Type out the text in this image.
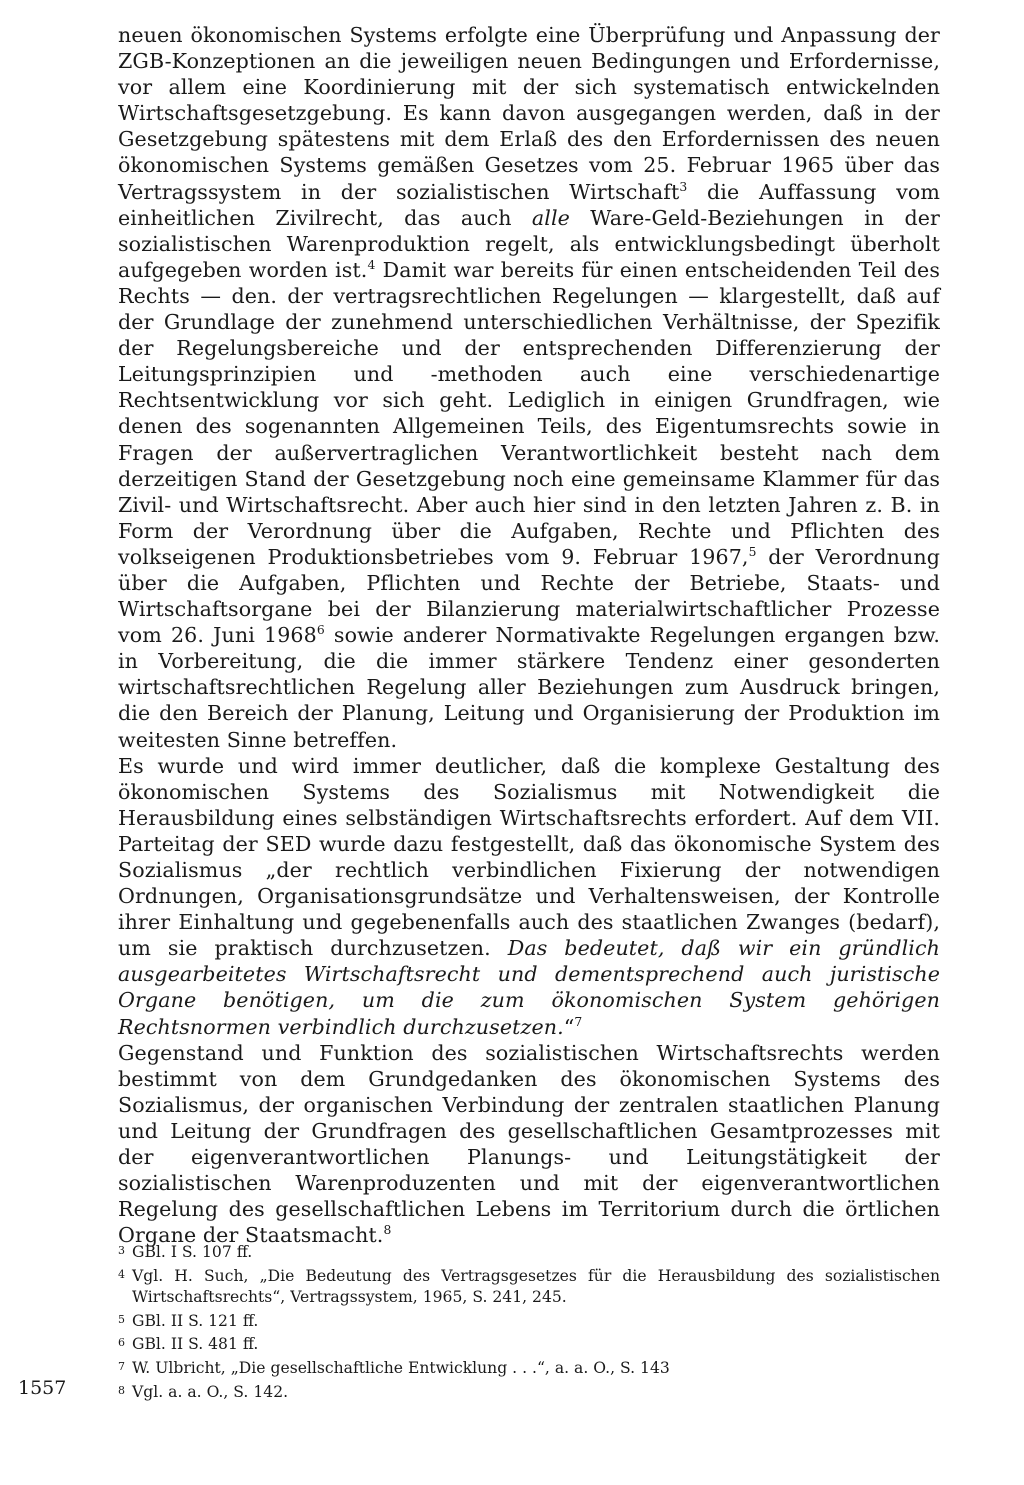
neuen ökonomischen Systems erfolgte eine Überprüfung und Anpassung der ZGB-Konzeptionen an die jeweiligen neuen Bedingungen und Erfordernisse, vor allem eine Koordinierung mit der sich systematisch entwickelnden Wirtschaftsgesetzgebung. Es kann davon ausgegangen werden, daß in der Gesetzgebung spätestens mit dem Erlaß des den Erfordernissen des neuen ökonomischen Systems gemäßen Gesetzes vom 25. Februar 1965 über das Vertragssystem in der sozialistischen Wirtschaft$^3$ die Auffassung vom einheitlichen Zivilrecht, das auch alle Ware-Geld-Beziehungen in der sozialistischen Warenproduktion regelt, als entwicklungsbedingt überholt aufgegeben worden ist.$^4$ Damit war bereits für einen entscheidenden Teil des Rechts — den. der vertragsrechtlichen Regelungen — klargestellt, daß auf der Grundlage der zunehmend unterschiedlichen Verhältnisse, der Spezifik der Regelungsbereiche und der entsprechenden Differenzierung der Leitungsprinzipien und -methoden auch eine verschiedenartige Rechtsentwicklung vor sich geht. Lediglich in einigen Grundfragen, wie denen des sogenannten Allgemeinen Teils, des Eigentumsrechts sowie in Fragen der außervertraglichen Verantwortlichkeit besteht nach dem derzeitigen Stand der Gesetzgebung noch eine gemeinsame Klammer für das Zivil- und Wirtschaftsrecht. Aber auch hier sind in den letzten Jahren z. B. in Form der Verordnung über die Aufgaben, Rechte und Pflichten des volkseigenen Produktionsbetriebes vom 9. Februar 1967,$^5$ der Verordnung über die Aufgaben, Pflichten und Rechte der Betriebe, Staats- und Wirtschaftsorgane bei der Bilanzierung materialwirtschaftlicher Prozesse vom 26. Juni 1968$^6$ sowie anderer Normativakte Regelungen ergangen bzw. in Vorbereitung, die die immer stärkere Tendenz einer gesonderten wirtschaftsrechtlichen Regelung aller Beziehungen zum Ausdruck bringen, die den Bereich der Planung, Leitung und Organisierung der Produktion im weitesten Sinne betreffen.

Es wurde und wird immer deutlicher, daß die komplexe Gestaltung des ökonomischen Systems des Sozialismus mit Notwendigkeit die Herausbildung eines selbständigen Wirtschaftsrechts erfordert. Auf dem VII. Parteitag der SED wurde dazu festgestellt, daß das ökonomische System des Sozialismus „der rechtlich verbindlichen Fixierung der notwendigen Ordnungen, Organisationsgrundsätze und Verhaltensweisen, der Kontrolle ihrer Einhaltung und gegebenenfalls auch des staatlichen Zwanges (bedarf), um sie praktisch durchzusetzen. Das bedeutet, daß wir ein gründlich ausgearbeitetes Wirtschaftsrecht und dementsprechend auch juristische Organe benötigen, um die zum ökonomischen System gehörigen Rechtsnormen verbindlich durchzusetzen.“$^7$

Gegenstand und Funktion des sozialistischen Wirtschaftsrechts werden bestimmt von dem Grundgedanken des ökonomischen Systems des Sozialismus, der organischen Verbindung der zentralen staatlichen Planung und Leitung der Grundfragen des gesellschaftlichen Gesamtprozesses mit der eigenverantwortlichen Planungs- und Leitungstätigkeit der sozialistischen Warenproduzenten und mit der eigenverantwortlichen Regelung des gesellschaftlichen Lebens im Territorium durch die örtlichen Organe der Staatsmacht.$^8$

3 GBl. I S. 107 ff.
4 Vgl. H. Such, „Die Bedeutung des Vertragsgesetzes für die Herausbildung des sozialistischen Wirtschaftsrechts“, Vertragssystem, 1965, S. 241, 245.
5 GBl. II S. 121 ff.
6 GBl. II S. 481 ff.
7 W. Ulbricht, „Die gesellschaftliche Entwicklung . . .“, a. a. O., S. 143
8 Vgl. a. a. O., S. 142.
1557
